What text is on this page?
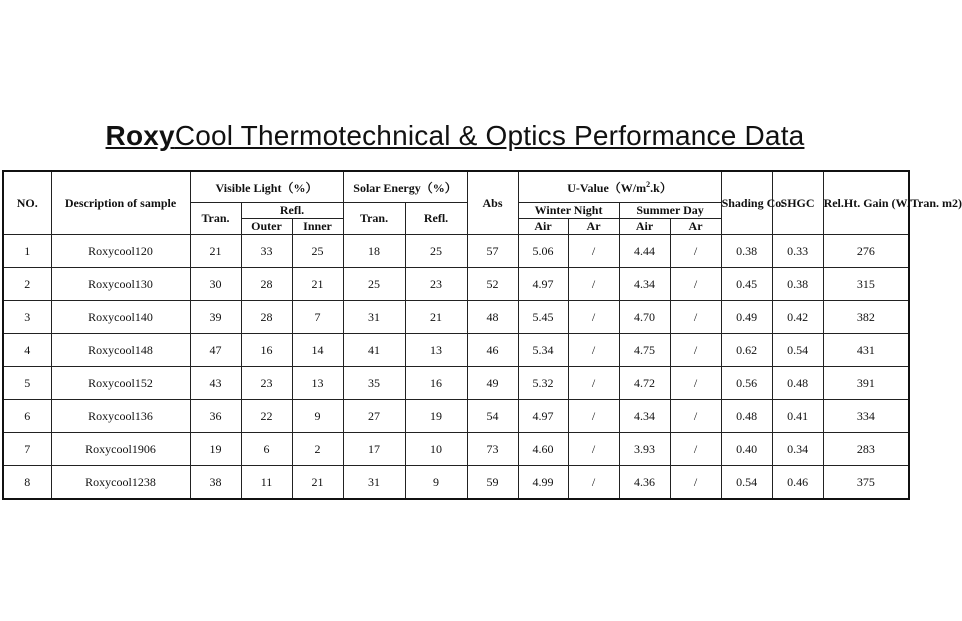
RoxyCool Thermotechnical & Optics Performance Data
NO.	Description of sample	Visible Light（%）			Solar Energy（%）		Abs	$U-Value(W/m^2.k)$				Shading Co.	SHGC	Rel.Ht. Gain (W/Tran. m2)
		Tran.	Refl.		Tran.	Refl.		Winter Night		Summer Day				
			Outer	Inner				Air	Ar	Air	Ar			
1	Roxycool120	21	33	25	18	25	57	5.06	/	4.44	/	0.38	0.33	276
2	Roxycool130	30	28	21	25	23	52	4.97	/	4.34	/	0.45	0.38	315
3	Roxycool140	39	28	7	31	21	48	5.45	/	4.70	/	0.49	0.42	382
4	Roxycool148	47	16	14	41	13	46	5.34	/	4.75	/	0.62	0.54	431
5	Roxycool152	43	23	13	35	16	49	5.32	/	4.72	/	0.56	0.48	391
6	Roxycool136	36	22	9	27	19	54	4.97	/	4.34	/	0.48	0.41	334
7	Roxycool1906	19	6	2	17	10	73	4.60	/	3.93	/	0.40	0.34	283
8	Roxycool1238	38	11	21	31	9	59	4.99	/	4.36	/	0.54	0.46	375
